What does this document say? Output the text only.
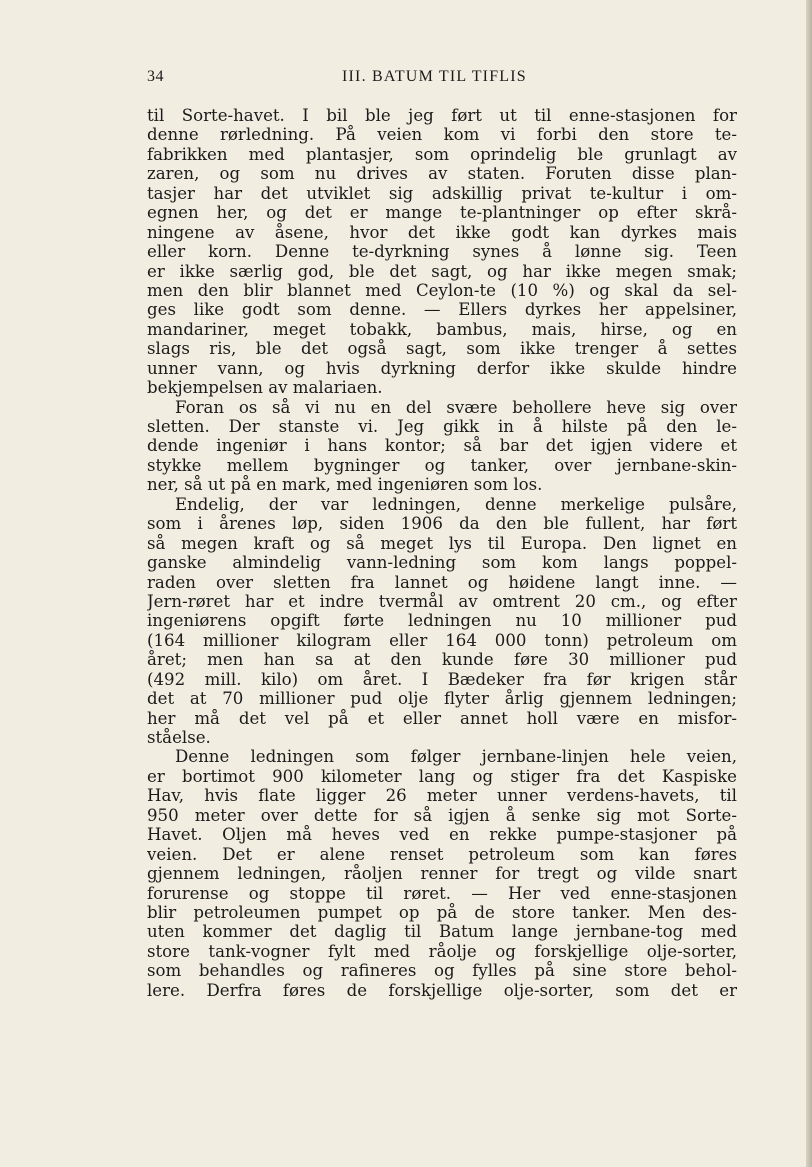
34	III. BATUM TIL TIFLIS
til Sorte-havet. I bil ble jeg ført ut til enne-stasjonen for
denne rørledning. På veien kom vi forbi den store te-
fabrikken med plantasjer, som oprindelig ble grunlagt av
zaren, og som nu drives av staten. Foruten disse plan-
tasjer har det utviklet sig adskillig privat te-kultur i om-
egnen her, og det er mange te-plantninger op efter skrå-
ningene av åsene, hvor det ikke godt kan dyrkes mais
eller korn. Denne te-dyrkning synes å lønne sig. Teen
er ikke særlig god, ble det sagt, og har ikke megen smak;
men den blir blannet med Ceylon-te (10 %) og skal da sel-
ges like godt som denne. — Ellers dyrkes her appelsiner,
mandariner, meget tobakk, bambus, mais, hirse, og en
slags ris, ble det også sagt, som ikke trenger å settes
unner vann, og hvis dyrkning derfor ikke skulde hindre
bekjempelsen av malariaen.
Foran os så vi nu en del svære behollere heve sig over
sletten. Der stanste vi. Jeg gikk in å hilste på den le-
dende ingeniør i hans kontor; så bar det igjen videre et
stykke mellem bygninger og tanker, over jernbane-skin-
ner, så ut på en mark, med ingeniøren som los.
Endelig, der var ledningen, denne merkelige pulsåre,
som i årenes løp, siden 1906 da den ble fullent, har ført
så megen kraft og så meget lys til Europa. Den lignet en
ganske almindelig vann-ledning som kom langs poppel-
raden over sletten fra lannet og høidene langt inne. —
Jern-røret har et indre tvermål av omtrent 20 cm., og efter
ingeniørens opgift førte ledningen nu 10 millioner pud
(164 millioner kilogram eller 164 000 tonn) petroleum om
året; men han sa at den kunde føre 30 millioner pud
(492 mill. kilo) om året. I Bædeker fra før krigen står
det at 70 millioner pud olje flyter årlig gjennem ledningen;
her må det vel på et eller annet holl være en misfor-
ståelse.
Denne ledningen som følger jernbane-linjen hele veien,
er bortimot 900 kilometer lang og stiger fra det Kaspiske
Hav, hvis flate ligger 26 meter unner verdens-havets, til
950 meter over dette for så igjen å senke sig mot Sorte-
Havet. Oljen må heves ved en rekke pumpe-stasjoner på
veien. Det er alene renset petroleum som kan føres
gjennem ledningen, råoljen renner for tregt og vilde snart
forurense og stoppe til røret. — Her ved enne-stasjonen
blir petroleumen pumpet op på de store tanker. Men des-
uten kommer det daglig til Batum lange jernbane-tog med
store tank-vogner fylt med råolje og forskjellige olje-sorter,
som behandles og rafineres og fylles på sine store behol-
lere. Derfra føres de forskjellige olje-sorter, som det er
